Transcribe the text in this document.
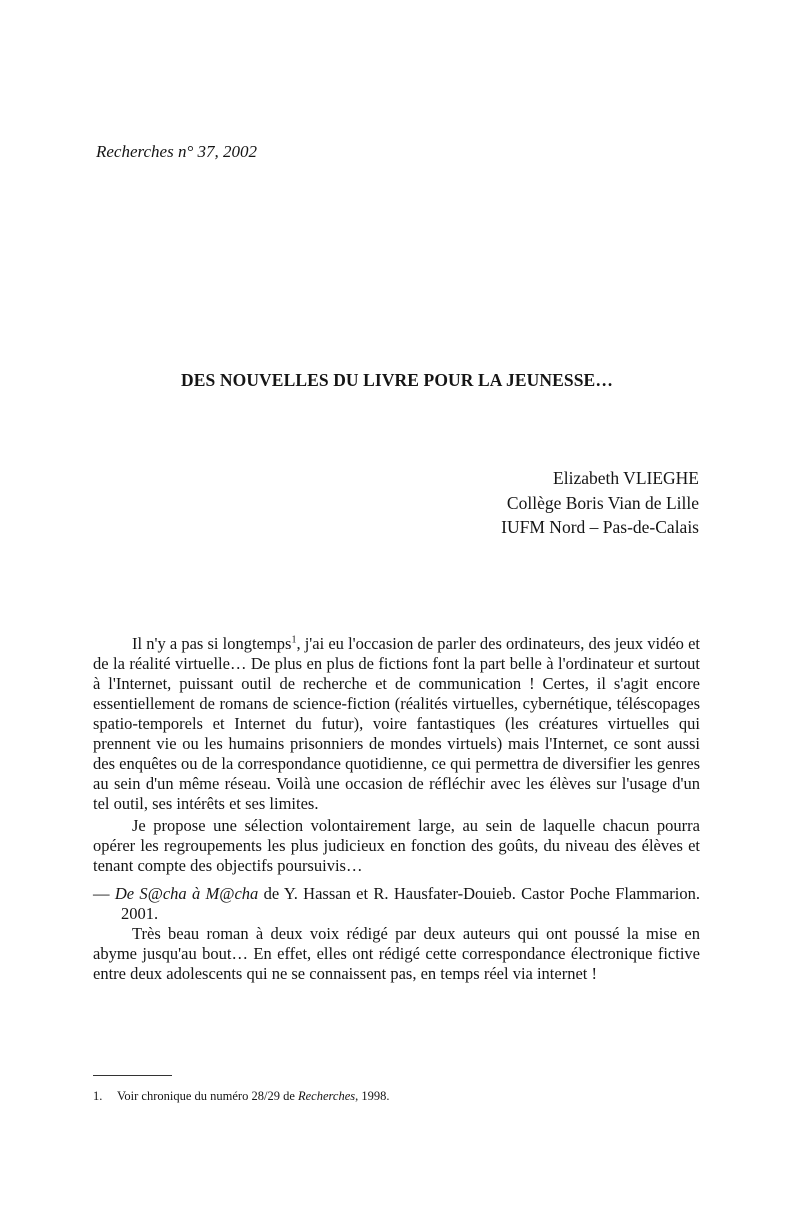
Recherches n° 37, 2002
DES NOUVELLES DU LIVRE POUR LA JEUNESSE…
Elizabeth VLIEGHE
Collège Boris Vian de Lille
IUFM Nord – Pas-de-Calais

Il n'y a pas si longtemps$^1$, j'ai eu l'occasion de parler des ordinateurs, des jeux vidéo et de la réalité virtuelle… De plus en plus de fictions font la part belle à l'ordinateur et surtout à l'Internet, puissant outil de recherche et de communication ! Certes, il s'agit encore essentiellement de romans de science-fiction (réalités virtuelles, cybernétique, téléscopages spatio-temporels et Internet du futur), voire fantastiques (les créatures virtuelles qui prennent vie ou les humains prisonniers de mondes virtuels) mais l'Internet, ce sont aussi des enquêtes ou de la correspondance quotidienne, ce qui permettra de diversifier les genres au sein d'un même réseau. Voilà une occasion de réfléchir avec les élèves sur l'usage d'un tel outil, ses intérêts et ses limites.

Je propose une sélection volontairement large, au sein de laquelle chacun pourra opérer les regroupements les plus judicieux en fonction des goûts, du niveau des élèves et tenant compte des objectifs poursuivis…

— De S@cha à M@cha de Y. Hassan et R. Hausfater-Douieb. Castor Poche Flammarion. 2001.

Très beau roman à deux voix rédigé par deux auteurs qui ont poussé la mise en abyme jusqu'au bout… En effet, elles ont rédigé cette correspondance électronique fictive entre deux adolescents qui ne se connaissent pas, en temps réel via internet !

1. Voir chronique du numéro 28/29 de Recherches, 1998.
